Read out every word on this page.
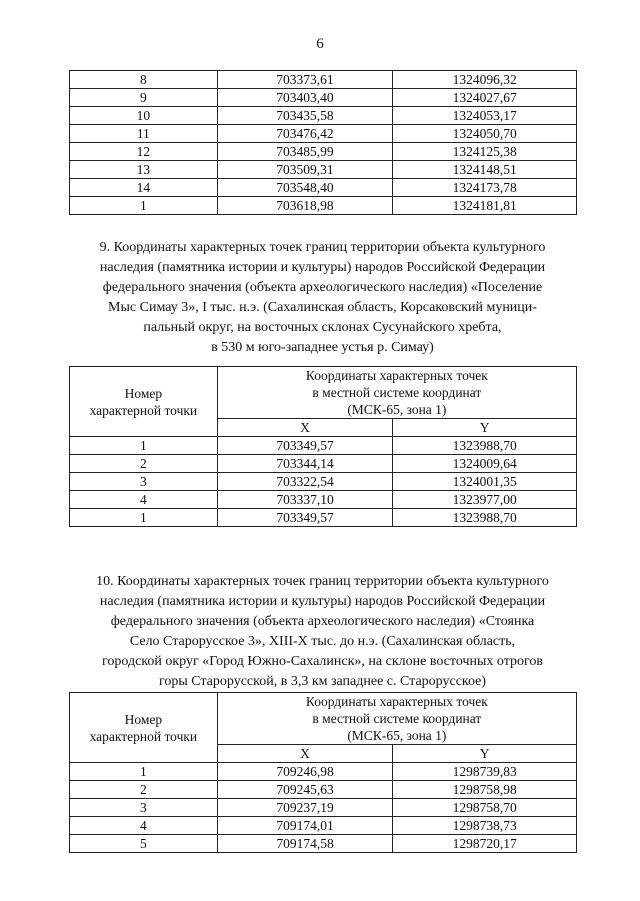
6
8	703373,61	1324096,32
9	703403,40	1324027,67
10	703435,58	1324053,17
11	703476,42	1324050,70
12	703485,99	1324125,38
13	703509,31	1324148,51
14	703548,40	1324173,78
1	703618,98	1324181,81
9. Координаты характерных точек границ территории объекта культурного
наследия (памятника истории и культуры) народов Российской Федерации
федерального значения (объекта археологического наследия) «Поселение
Мыс Симау 3», I тыс. н.э. (Сахалинская область, Корсаковский муници-
пальный округ, на восточных склонах Сусунайского хребта,
в 530 м юго-западнее устья р. Симау)
Номер
характерной точки	Координаты характерных точек
в местной системе координат
(МСК-65, зона 1)	
	X	Y
1	703349,57	1323988,70
2	703344,14	1324009,64
3	703322,54	1324001,35
4	703337,10	1323977,00
1	703349,57	1323988,70
10. Координаты характерных точек границ территории объекта культурного
наследия (памятника истории и культуры) народов Российской Федерации
федерального значения (объекта археологического наследия) «Стоянка
Село Старорусское 3», XIII-X тыс. до н.э. (Сахалинская область,
городской округ «Город Южно-Сахалинск», на склоне восточных отрогов
горы Старорусской, в 3,3 км западнее с. Старорусское)
Номер
характерной точки	Координаты характерных точек
в местной системе координат
(МСК-65, зона 1)	
	X	Y
1	709246,98	1298739,83
2	709245,63	1298758,98
3	709237,19	1298758,70
4	709174,01	1298738,73
5	709174,58	1298720,17
